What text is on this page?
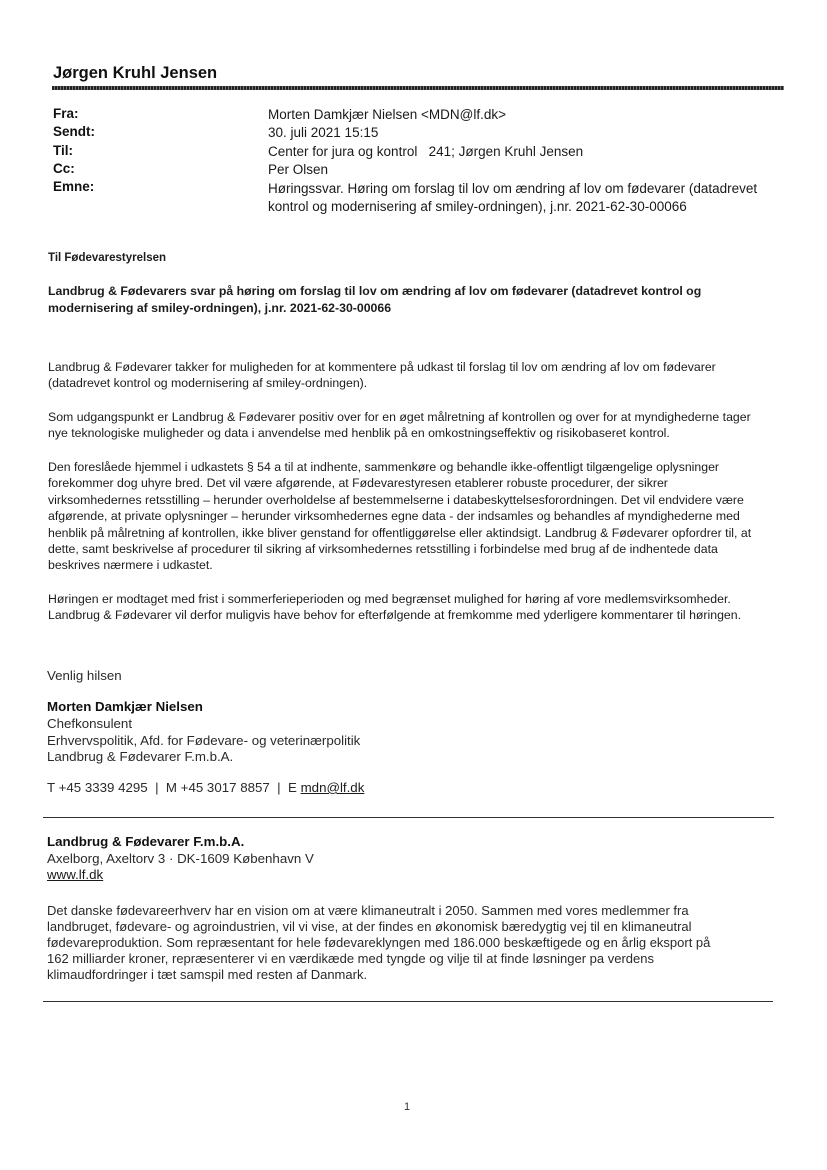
Jørgen Kruhl Jensen
Fra:	Morten Damkjær Nielsen <MDN@lf.dk>
Sendt:	30. juli 2021 15:15
Til:	Center for jura og kontrol   241; Jørgen Kruhl Jensen
Cc:	Per Olsen
Emne:	Høringssvar. Høring om forslag til lov om ændring af lov om fødevarer (datadrevet
kontrol og modernisering af smiley-ordningen), j.nr. 2021-62-30-00066
Til Fødevarestyrelsen
Landbrug & Fødevarers svar på høring om forslag til lov om ændring af lov om fødevarer (datadrevet kontrol og
modernisering af smiley-ordningen), j.nr. 2021-62-30-00066
Landbrug & Fødevarer takker for muligheden for at kommentere på udkast til forslag til lov om ændring af lov om fødevarer
(datadrevet kontrol og modernisering af smiley-ordningen).
Som udgangspunkt er Landbrug & Fødevarer positiv over for en øget målretning af kontrollen og over for at myndighederne tager
nye teknologiske muligheder og data i anvendelse med henblik på en omkostningseffektiv og risikobaseret kontrol.
Den foreslåede hjemmel i udkastets § 54 a til at indhente, sammenkøre og behandle ikke-offentligt tilgængelige oplysninger
forekommer dog uhyre bred. Det vil være afgørende, at Fødevarestyresen etablerer robuste procedurer, der sikrer
virksomhedernes retsstilling – herunder overholdelse af bestemmelserne i databeskyttelsesforordningen. Det vil endvidere være
afgørende, at private oplysninger – herunder virksomhedernes egne data - der indsamles og behandles af myndighederne med
henblik på målretning af kontrollen, ikke bliver genstand for offentliggørelse eller aktindsigt. Landbrug & Fødevarer opfordrer til, at
dette, samt beskrivelse af procedurer til sikring af virksomhedernes retsstilling i forbindelse med brug af de indhentede data
beskrives nærmere i udkastet.
Høringen er modtaget med frist i sommerferieperioden og med begrænset mulighed for høring af vore medlemsvirksomheder.
Landbrug & Fødevarer vil derfor muligvis have behov for efterfølgende at fremkomme med yderligere kommentarer til høringen.
Venlig hilsen
Morten Damkjær Nielsen
Chefkonsulent
Erhvervspolitik, Afd. for Fødevare- og veterinærpolitik
Landbrug & Fødevarer F.m.b.A.
T +45 3339 4295  |  M +45 3017 8857  |  E mdn@lf.dk
Landbrug & Fødevarer F.m.b.A.
Axelborg, Axeltorv 3 · DK-1609 København V
www.lf.dk
Det danske fødevareerhverv har en vision om at være klimaneutralt i 2050. Sammen med vores medlemmer fra
landbruget, fødevare- og agroindustrien, vil vi vise, at der findes en økonomisk bæredygtig vej til en klimaneutral
fødevareproduktion. Som repræsentant for hele fødevareklyngen med 186.000 beskæftigede og en årlig eksport på
162 milliarder kroner, repræsenterer vi en værdikæde med tyngde og vilje til at finde løsninger pa verdens
klimaudfordringer i tæt samspil med resten af Danmark.
1
